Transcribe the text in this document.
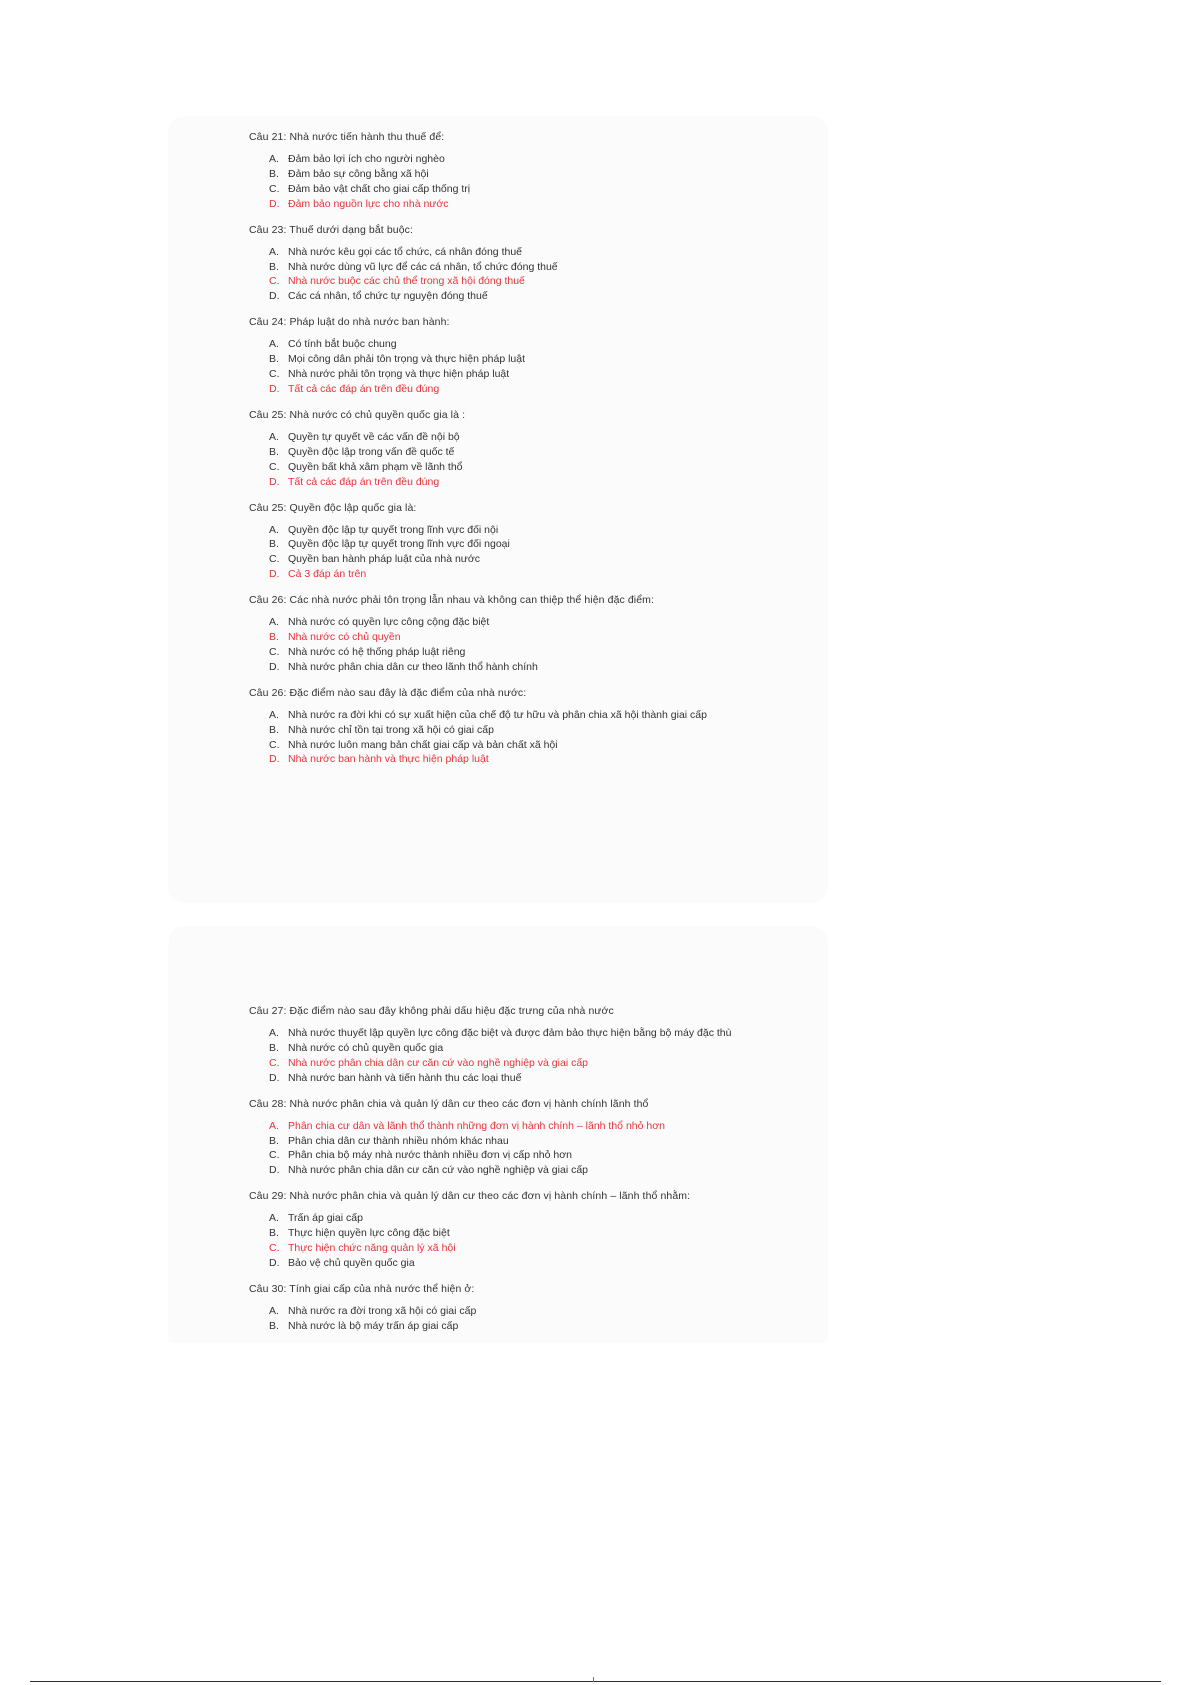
Câu 21: Nhà nước tiến hành thu thuế để:

A. Đảm bảo lợi ích cho người nghèo
B. Đảm bảo sự công bằng xã hội
C. Đảm bảo vật chất cho giai cấp thống trị
D. Đảm bảo nguồn lực cho nhà nước

Câu 23: Thuế dưới dạng bắt buộc:

A. Nhà nước kêu gọi các tổ chức, cá nhân đóng thuế
B. Nhà nước dùng vũ lực để các cá nhân, tổ chức đóng thuế
C. Nhà nước buộc các chủ thể trong xã hội đóng thuế
D. Các cá nhân, tổ chức tự nguyện đóng thuế

Câu 24: Pháp luật do nhà nước ban hành:

A. Có tính bắt buộc chung
B. Mọi công dân phải tôn trọng và thực hiện pháp luật
C. Nhà nước phải tôn trọng và thực hiện pháp luật
D. Tất cả các đáp án trên đều đúng

Câu 25: Nhà nước có chủ quyền quốc gia là :

A. Quyền tự quyết về các vấn đề nội bộ
B. Quyền độc lập trong vấn đề quốc tế
C. Quyền bất khả xâm phạm về lãnh thổ
D. Tất cả các đáp án trên đều đúng

Câu 25: Quyền độc lập quốc gia là:

A. Quyền độc lập tự quyết trong lĩnh vực đối nội
B. Quyền độc lập tự quyết trong lĩnh vực đối ngoại
C. Quyền ban hành pháp luật của nhà nước
D. Cả 3 đáp án trên

Câu 26: Các nhà nước phải tôn trọng lẫn nhau và không can thiệp thể hiện đặc điểm:

A. Nhà nước có quyền lực công cộng đặc biệt
B. Nhà nước có chủ quyền
C. Nhà nước có hệ thống pháp luật riêng
D. Nhà nước phân chia dân cư theo lãnh thổ hành chính

Câu 26: Đặc điểm nào sau đây là đặc điểm của nhà nước:

A. Nhà nước ra đời khi có sự xuất hiện của chế độ tư hữu và phân chia xã hội thành giai cấp
B. Nhà nước chỉ tồn tại trong xã hội có giai cấp
C. Nhà nước luôn mang bản chất giai cấp và bản chất xã hội
D. Nhà nước ban hành và thực hiện pháp luật

Câu 27: Đặc điểm nào sau đây không phải dấu hiệu đặc trưng của nhà nước

A. Nhà nước thuyết lập quyền lực công đặc biệt và được đảm bảo thực hiện bằng bộ máy đặc thù
B. Nhà nước có chủ quyền quốc gia
C. Nhà nước phân chia dân cư căn cứ vào nghề nghiệp và giai cấp
D. Nhà nước ban hành và tiến hành thu các loại thuế

Câu 28: Nhà nước phân chia và quản lý dân cư theo các đơn vị hành chính lãnh thổ

A. Phân chia cư dân và lãnh thổ thành những đơn vị hành chính – lãnh thổ nhỏ hơn
B. Phân chia dân cư thành nhiều nhóm khác nhau
C. Phân chia bộ máy nhà nước thành nhiều đơn vị cấp nhỏ hơn
D. Nhà nước phân chia dân cư căn cứ vào nghề nghiệp và giai cấp

Câu 29: Nhà nước phân chia và quản lý dân cư theo các đơn vị hành chính – lãnh thổ nhằm:

A. Trấn áp giai cấp
B. Thực hiện quyền lực công đặc biệt
C. Thực hiện chức năng quản lý xã hội
D. Bảo vệ chủ quyền quốc gia

Câu 30: Tính giai cấp của nhà nước thể hiện ở:

A. Nhà nước ra đời trong xã hội có giai cấp
B. Nhà nước là bộ máy trấn áp giai cấp
